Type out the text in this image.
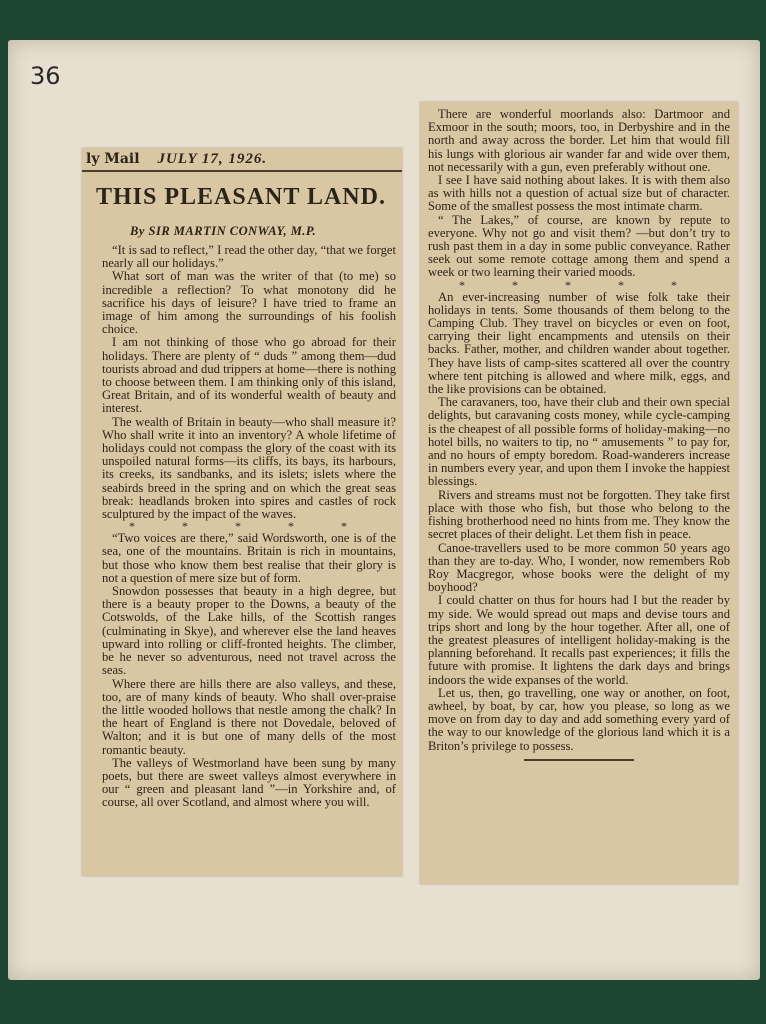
36
ly Mail JULY 17, 1926.
THIS PLEASANT LAND.
By SIR MARTIN CONWAY, M.P.

“It is sad to reflect,” I read the other day, “that we forget nearly all our holidays.”

What sort of man was the writer of that (to me) so incredible a reflection? To what monotony did he sacrifice his days of leisure? I have tried to frame an image of him among the surroundings of his foolish choice.

I am not thinking of those who go abroad for their holidays. There are plenty of “ duds ” among them—dud tourists abroad and dud trippers at home—there is nothing to choose between them. I am thinking only of this island, Great Britain, and of its wonderful wealth of beauty and interest.

The wealth of Britain in beauty—who shall measure it? Who shall write it into an inventory? A whole lifetime of holidays could not compass the glory of the coast with its unspoiled natural forms—its cliffs, its bays, its harbours, its creeks, its sandbanks, and its islets; islets where the seabirds breed in the spring and on which the great seas break: headlands broken into spires and castles of rock sculptured by the impact of the waves.

* * * * *

“Two voices are there,” said Wordsworth, one is of the sea, one of the mountains. Britain is rich in mountains, but those who know them best realise that their glory is not a question of mere size but of form.

Snowdon possesses that beauty in a high degree, but there is a beauty proper to the Downs, a beauty of the Cotswolds, of the Lake hills, of the Scottish ranges (culminating in Skye), and wherever else the land heaves upward into rolling or cliff-fronted heights. The climber, be he never so adventurous, need not travel across the seas.

Where there are hills there are also valleys, and these, too, are of many kinds of beauty. Who shall over-praise the little wooded hollows that nestle among the chalk? In the heart of England is there not Dovedale, beloved of Walton; and it is but one of many dells of the most romantic beauty.

The valleys of Westmorland have been sung by many poets, but there are sweet valleys almost everywhere in our “ green and pleasant land ”—in Yorkshire and, of course, all over Scotland, and almost where you will.

There are wonderful moorlands also: Dartmoor and Exmoor in the south; moors, too, in Derbyshire and in the north and away across the border. Let him that would fill his lungs with glorious air wander far and wide over them, not necessarily with a gun, even preferably without one.

I see I have said nothing about lakes. It is with them also as with hills not a question of actual size but of character. Some of the smallest possess the most intimate charm.

“ The Lakes,” of course, are known by repute to everyone. Why not go and visit them? —but don’t try to rush past them in a day in some public conveyance. Rather seek out some remote cottage among them and spend a week or two learning their varied moods.

* * * * *

An ever-increasing number of wise folk take their holidays in tents. Some thousands of them belong to the Camping Club. They travel on bicycles or even on foot, carrying their light encampments and utensils on their backs. Father, mother, and children wander about together. They have lists of camp-sites scattered all over the country where tent pitching is allowed and where milk, eggs, and the like provisions can be obtained.

The caravaners, too, have their club and their own special delights, but caravaning costs money, while cycle-camping is the cheapest of all possible forms of holiday-making—no hotel bills, no waiters to tip, no “ amusements ” to pay for, and no hours of empty boredom. Road-wanderers increase in numbers every year, and upon them I invoke the happiest blessings.

Rivers and streams must not be forgotten. They take first place with those who fish, but those who belong to the fishing brotherhood need no hints from me. They know the secret places of their delight. Let them fish in peace.

Canoe-travellers used to be more common 50 years ago than they are to-day. Who, I wonder, now remembers Rob Roy Macgregor, whose books were the delight of my boyhood?

I could chatter on thus for hours had I but the reader by my side. We would spread out maps and devise tours and trips short and long by the hour together. After all, one of the greatest pleasures of intelligent holiday-making is the planning beforehand. It recalls past experiences; it fills the future with promise. It lightens the dark days and brings indoors the wide expanses of the world.

Let us, then, go travelling, one way or another, on foot, awheel, by boat, by car, how you please, so long as we move on from day to day and add something every yard of the way to our knowledge of the glorious land which it is a Briton’s privilege to possess.
